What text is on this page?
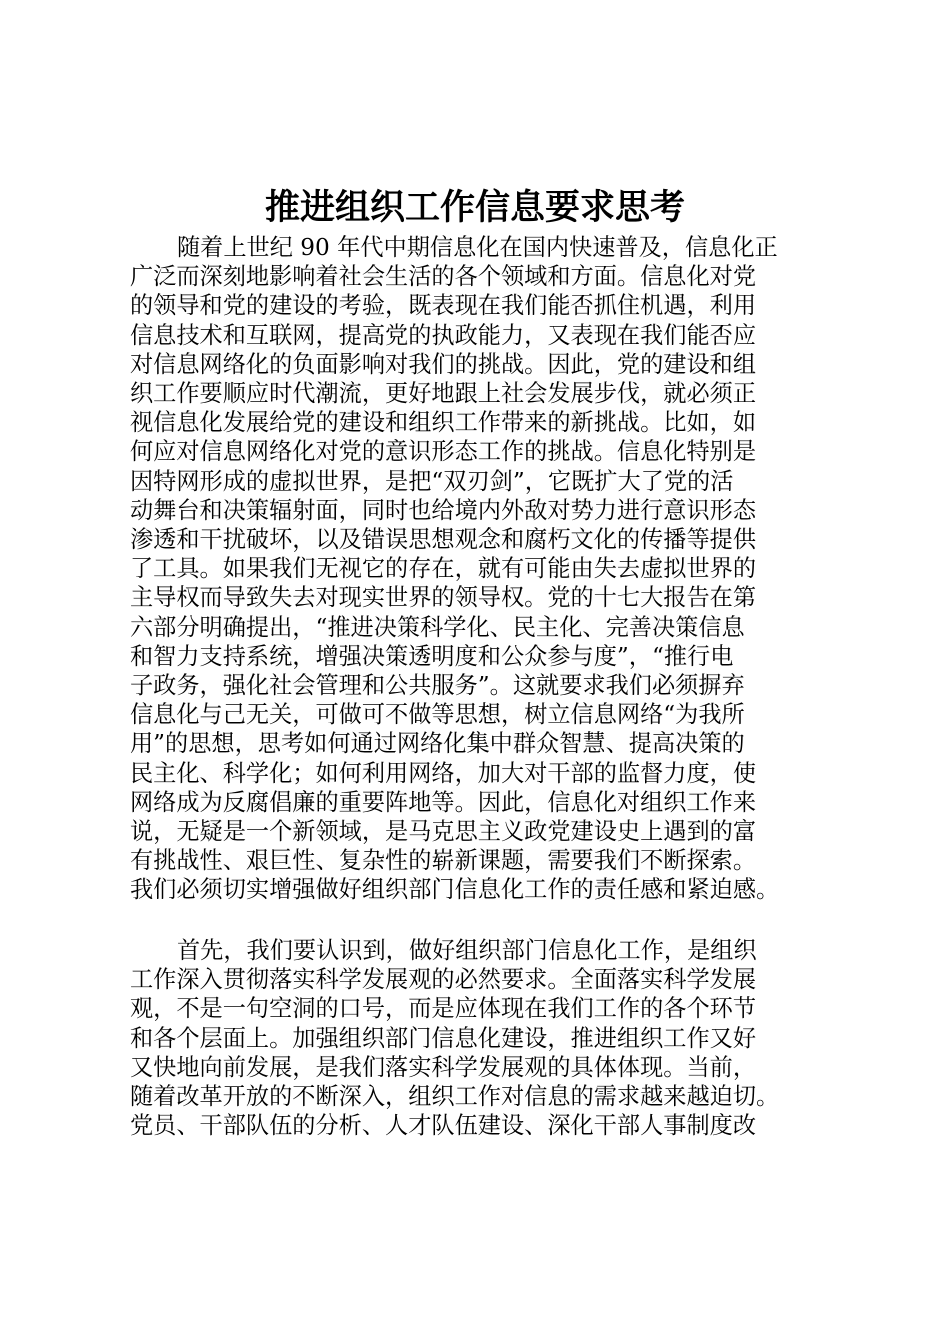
推进组织工作信息要求思考
随着上世纪 90 年代中期信息化在国内快速普及，信息化正
广泛而深刻地影响着社会生活的各个领域和方面。信息化对党
的领导和党的建设的考验，既表现在我们能否抓住机遇，利用
信息技术和互联网，提高党的执政能力，又表现在我们能否应
对信息网络化的负面影响对我们的挑战。因此，党的建设和组
织工作要顺应时代潮流，更好地跟上社会发展步伐，就必须正
视信息化发展给党的建设和组织工作带来的新挑战。比如，如
何应对信息网络化对党的意识形态工作的挑战。信息化特别是
因特网形成的虚拟世界，是把“双刃剑”，它既扩大了党的活
动舞台和决策辐射面，同时也给境内外敌对势力进行意识形态
渗透和干扰破坏，以及错误思想观念和腐朽文化的传播等提供
了工具。如果我们无视它的存在，就有可能由失去虚拟世界的
主导权而导致失去对现实世界的领导权。党的十七大报告在第
六部分明确提出，“推进决策科学化、民主化、完善决策信息
和智力支持系统，增强决策透明度和公众参与度”，“推行电
子政务，强化社会管理和公共服务”。这就要求我们必须摒弃
信息化与己无关，可做可不做等思想，树立信息网络“为我所
用”的思想，思考如何通过网络化集中群众智慧、提高决策的
民主化、科学化；如何利用网络，加大对干部的监督力度，使
网络成为反腐倡廉的重要阵地等。因此，信息化对组织工作来
说，无疑是一个新领域，是马克思主义政党建设史上遇到的富
有挑战性、艰巨性、复杂性的崭新课题，需要我们不断探索。
我们必须切实增强做好组织部门信息化工作的责任感和紧迫感。
首先，我们要认识到，做好组织部门信息化工作，是组织
工作深入贯彻落实科学发展观的必然要求。全面落实科学发展
观，不是一句空洞的口号，而是应体现在我们工作的各个环节
和各个层面上。加强组织部门信息化建设，推进组织工作又好
又快地向前发展，是我们落实科学发展观的具体体现。当前，
随着改革开放的不断深入，组织工作对信息的需求越来越迫切。
党员、干部队伍的分析、人才队伍建设、深化干部人事制度改
